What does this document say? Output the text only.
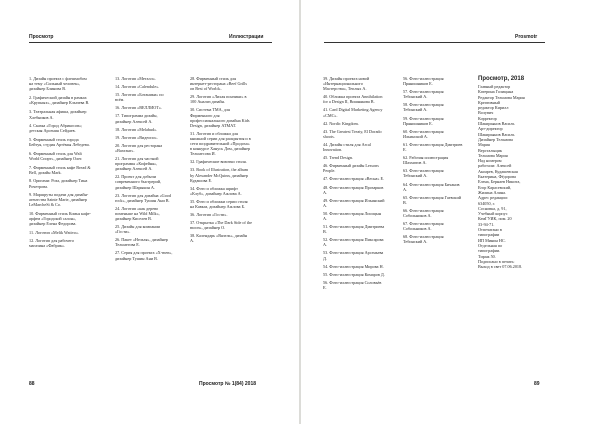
Просмотр	Иллюстрации
1. Дизайн проекта с флешмобом на тему «Сильный человек», дизайнер Блинова В.
2. Графический дизайн в рамках «Крупных», дизайнер Клычева В.
3. Театральная афиша, дизайнер Хлебников А.
4. Сказка «Город Абрикосов»; детская Арсения Сейдаев.
5. Фирменный стиль города Бейтуя, студия Артёмья Лебедева.
6. Фирменный стиль для Walt World Спорт», дизайнер Олег.
7. Фирменный стиль кафе Bread & Bell, дизайн Mark.
8. Оригами: Роза, дизайнер Тина Рочетрова.
9. Маршруты подачи для дизайн-агентства Sainte Marie, дизайнер LeMarcheSi & Co.
10. Фирменный стиль Комья кафе-арфем «Городской салон», дизайнер Елена Федорова.
11. Логотип «Melik Wattvo».
12. Логотип для рабочего магазина «Фабрик».
13. Логотип «Металл».
14. Логотип «Calendule».
15. Логотип «Ботаники» по всём.
16. Логотип «ВЕЛЛИОТ».
17. Типограмма дизайн, дизайнер Алексей А.
18. Логотип «Melabud».
19. Логотип «Видеопо».
20. Логотип для ресторана «Вахтанг».
21. Логотип для частной программы «Кофейня», дизайнер Алексей А.
22. Проект для добычи современного быстрерий, дизайнер Шарыкин А.
23. Логотип для дизайна «Good rock», дизайнер Тушин Ани В.
24. Логотип «как дерево поменьше на Wild Milk», дизайнер Киселев В.
25. Дизайн для компании «Гости».
26. Пакет «Нельзя», дизайнер Тельмегова Е.
27. Серия для проекта «Х-men», дизайнер Тушин Ани В.
28. Фирменный стиль для интернет-ресторана «Beef Grills on Best of World».
29. Логотип «Лихая пончики» в 100 Анализ дизайн.
30. Система ТМА, для Фирменного для профессионального дизайна Kids Design, дизайнер АТМАТ.
31. Логотип и обложки для книжной серии для раскрытия и в сети поздравительной «Продоха» в конкурсе Ханусь Дом, дизайнер Тельмесова И.
32. Графические визитки стиля.
33. Book of Illustration, the album by Alexander McQuinn, дизайнер Кудашова Е.
34. Фото и обложка шрифт «Клуб», дизайнер Ажлова А.
35. Фото и обложки серии стиля на Кавказ, дизайнер Ажлова Б.
36. Логотип «Гости».
37. Открытка «The Dark Side of the moon», дизайнер О.
38. Календарь «Вязель», дизайн А.
88	Просмотр № 1(84) 2018
Prosmotr
89
39. Дизайн проекта новой «Интернационального Мастерства», Теплых А.
40. Обложка проекта Annihilation for a Design II, Вишнякова В.
41. Card Digital Marketing Agency «CMC».
42. Nordic Kingdom.
43. The Greatest Treaty, El Dorado shoots.
44. Дизайн стиля для Arcal Innovation.
45. Trend Design.
46. Фирменный дизайн Lessons People.
47. Фото-иллюстрация «Весна» Е.
48. Фото-иллюстрация Прозарков А.
49. Фото-иллюстрация Ильинский А.
50. Фото-иллюстрация Лисицын А.
51. Фото-иллюстрация Дмитриева В.
52. Фото-иллюстрация Пиксарова А.
53. Фото-иллюстрация Арсеньева Д.
54. Фото-иллюстрация Мирова Н.
55. Фото-иллюстрация Комаров Д.
56. Фото-иллюстрация Соловьёв Е.
56. Фото-иллюстрация Прянишников Е.
57. Фото-иллюстрация Тебинский А.
58. Фото-иллюстрация Тебинский А.
59. Фото-иллюстрация Прянишников Е.
60. Фото-иллюстрация Ильинский А.
61. Фото-иллюстрация Дмитриев Е.
62. Рабочая иллюстрация Шахматов А.
63. Фото-иллюстрация Тебинский А.
64. Фото-иллюстрация Бичанов А.
65. Фото-иллюстрация Гаевский В.
66. Фото-иллюстрация Собольников А.
67. Фото-иллюстрация Собольников А.
68. Фото-иллюстрация Тебинский А.
Просмотр, 2018
Главный редактор
Катерина Голицына
Редактор Тельмова Мария
Креативный
редактор Кирилл
Волувич
Корректор
Шакирьянов Василь
Арт-директор
Шакирьянов Василь
Дизайнер Тельмова
Мария
Верстальщик
Тельмова Мария
Над номером
работали: Алексей
Акоарев, Кудашевская
Екатерина, Фёдорова
Елена, Бернаев Никита,
Егор Карасевский,
Жилина Алина.
Адрес редакции:
634050, г.
Сосновка, д. 91,
Учебный корпус
КемГУИК, пом. 20
33-94-71.
Отпечатано в
типографии
ИП Минин НС.
Отдельная по
типографии.
Тираж 50.
Подписано в печать:
Выход в свет 07.06.2018.
